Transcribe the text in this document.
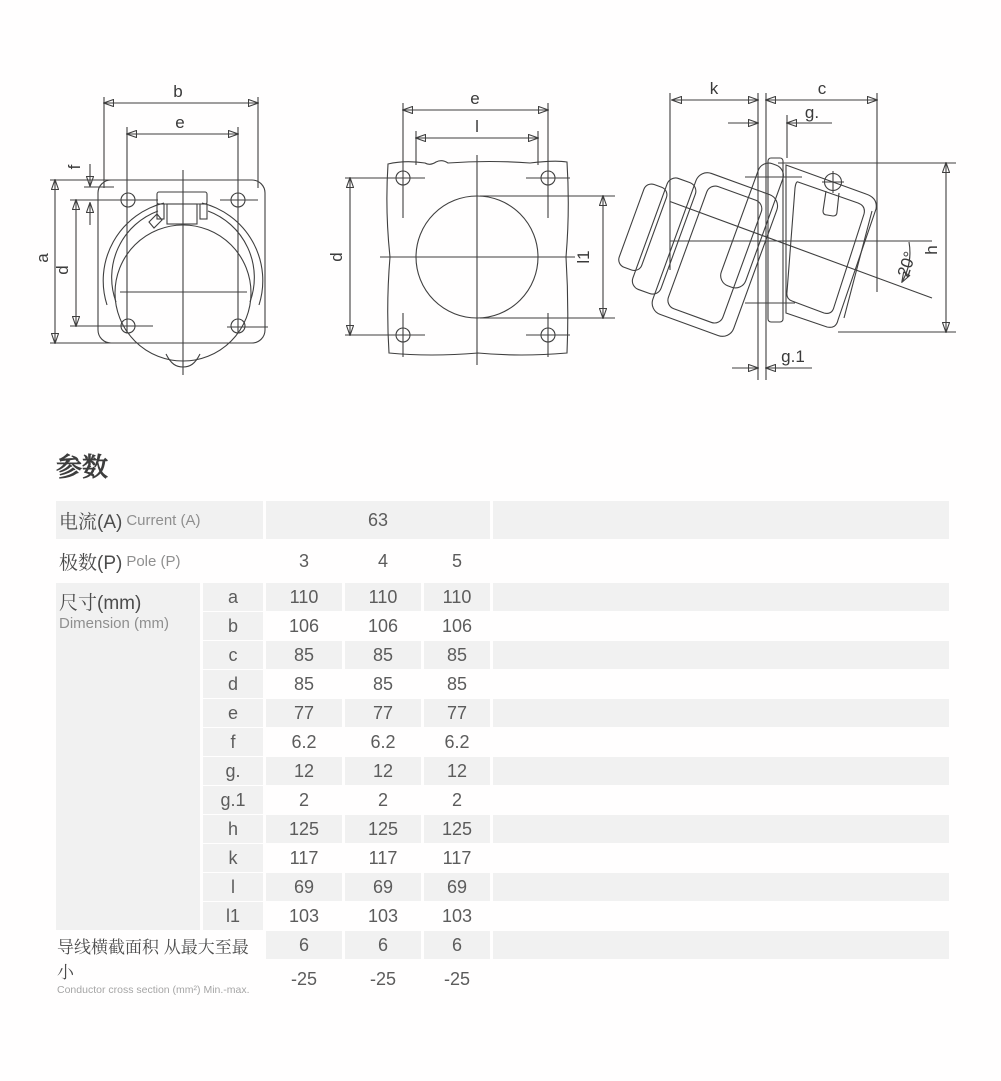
b
e
f
a
d
e
l
d	l1
k	c
g.
h
20°
g.1
参数
电流(A) Current (A)	63
极数(P) Pole (P)	3	4	5
尺寸(mm)
Dimension (mm)
a	110	110	110
b	106	106	106
c	85	85	85
d	85	85	85
e	77	77	77
f	6.2	6.2	6.2
g.	12	12	12
g.1	2	2	2
h	125	125	125
k	117	117	117
l	69	69	69
l1	103	103	103
导线横截面积 从最大至最小
Conductor cross section (mm²) Min.-max.
6	6	6
-25	-25	-25
